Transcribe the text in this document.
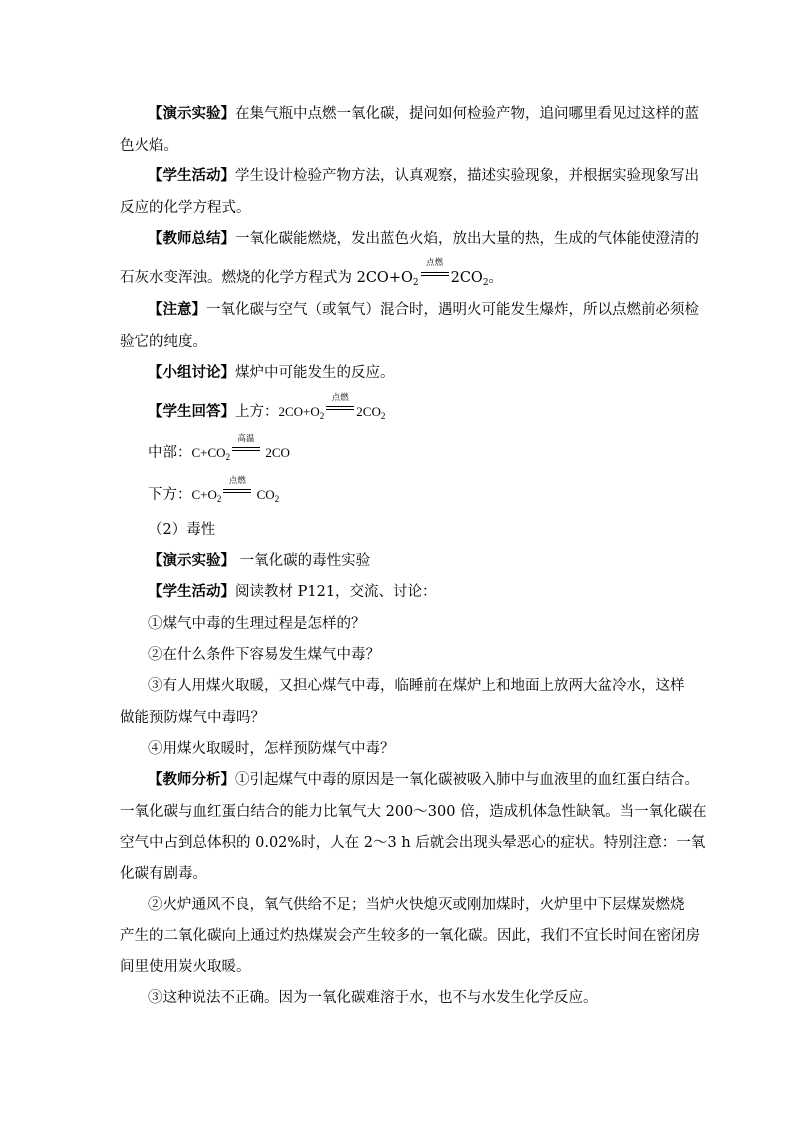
【演示实验】在集气瓶中点燃一氧化碳，提问如何检验产物，追问哪里看见过这样的蓝
色火焰。
【学生活动】学生设计检验产物方法，认真观察，描述实验现象，并根据实验现象写出
反应的化学方程式。
【教师总结】一氧化碳能燃烧，发出蓝色火焰，放出大量的热，生成的气体能使澄清的
石灰水变浑浊。燃烧的化学方程式为 $2CO+O_2$
点燃
$2CO_2$。
【注意】一氧化碳与空气（或氧气）混合时，遇明火可能发生爆炸，所以点燃前必须检
验它的纯度。
【小组讨论】煤炉中可能发生的反应。
【学生回答】上方：$2CO+O_2$
点燃
$2CO_2$
中部：$C+CO_2$
高温
2CO
下方：$C+O_2$
点燃
$CO_2$
（2）毒性
【演示实验】 一氧化碳的毒性实验
【学生活动】阅读教材 P121，交流、讨论：
①煤气中毒的生理过程是怎样的？
②在什么条件下容易发生煤气中毒？
③有人用煤火取暖，又担心煤气中毒，临睡前在煤炉上和地面上放两大盆冷水，这样
做能预防煤气中毒吗？
④用煤火取暖时，怎样预防煤气中毒？
【教师分析】①引起煤气中毒的原因是一氧化碳被吸入肺中与血液里的血红蛋白结合。
一氧化碳与血红蛋白结合的能力比氧气大 200～300 倍，造成机体急性缺氧。当一氧化碳在
空气中占到总体积的 0.02%时，人在 2～3 h 后就会出现头晕恶心的症状。特别注意：一氧
化碳有剧毒。
②火炉通风不良，氧气供给不足；当炉火快熄灭或刚加煤时，火炉里中下层煤炭燃烧
产生的二氧化碳向上通过灼热煤炭会产生较多的一氧化碳。因此，我们不宜长时间在密闭房
间里使用炭火取暖。
③这种说法不正确。因为一氧化碳难溶于水，也不与水发生化学反应。
